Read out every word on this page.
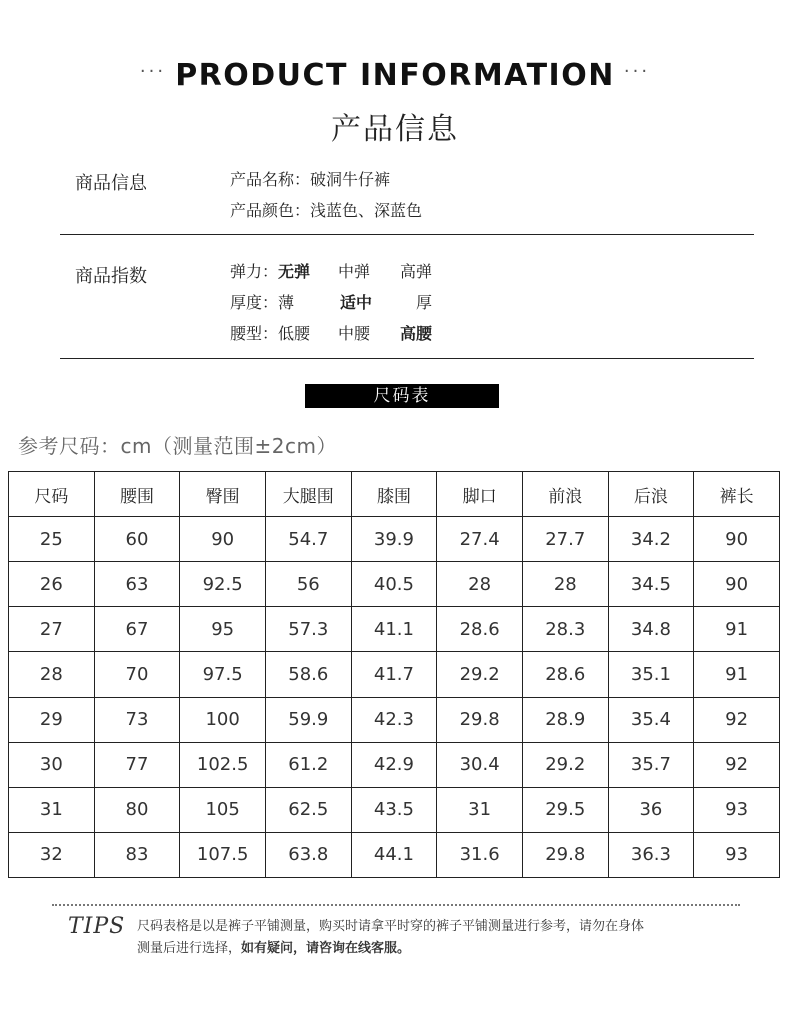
··· PRODUCT INFORMATION ···
产品信息
商品信息	产品名称：破洞牛仔裤
产品颜色：浅蓝色、深蓝色
商品指数	弹力： 无弹 中弹 高弹
厚度： 薄	适中	厚
腰型： 低腰 中腰 高腰
尺码表
参考尺码：cm（测量范围±2cm）
尺码	腰围	臀围	大腿围	膝围	脚口	前浪	后浪	裤长
25	60	90	54.7	39.9	27.4	27.7	34.2	90
26	63	92.5	56	40.5	28	28	34.5	90
27	67	95	57.3	41.1	28.6	28.3	34.8	91
28	70	97.5	58.6	41.7	29.2	28.6	35.1	91
29	73	100	59.9	42.3	29.8	28.9	35.4	92
30	77	102.5	61.2	42.9	30.4	29.2	35.7	92
31	80	105	62.5	43.5	31	29.5	36	93
32	83	107.5	63.8	44.1	31.6	29.8	36.3	93
TIPS 尺码表格是以是裤子平铺测量，购买时请拿平时穿的裤子平铺测量进行参考，请勿在身体
测量后进行选择，如有疑问，请咨询在线客服。
